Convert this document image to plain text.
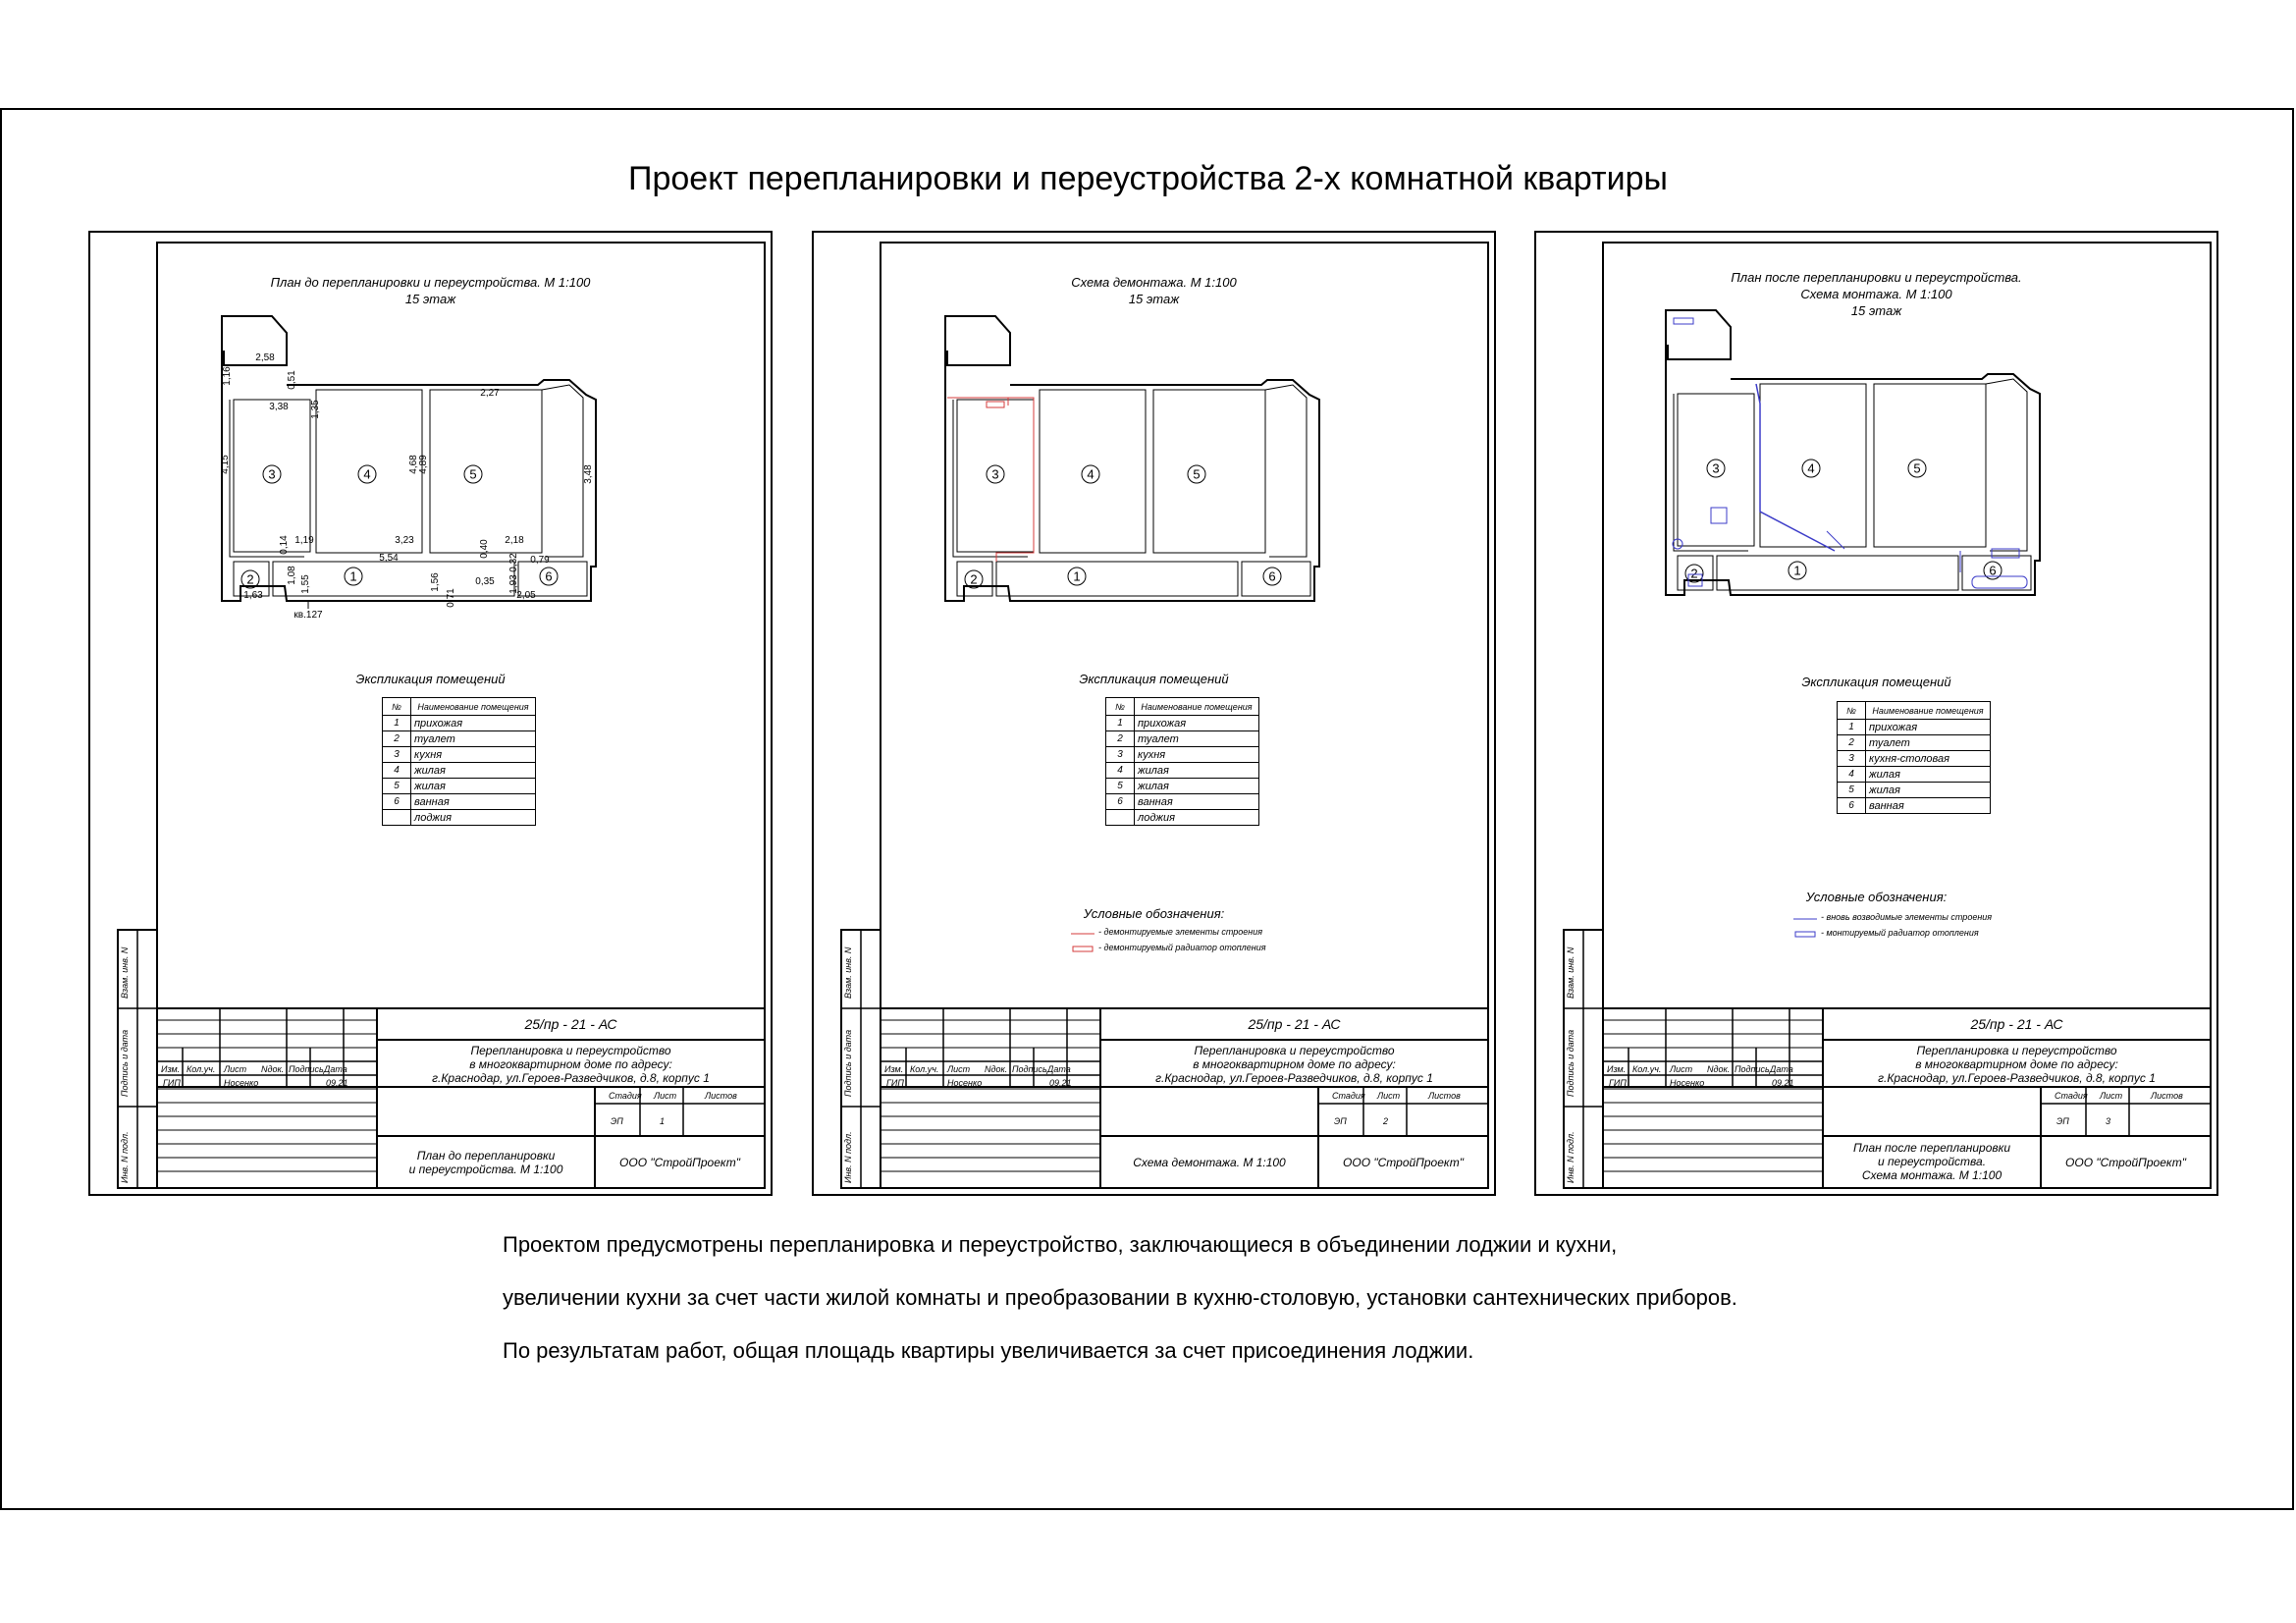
Проект перепланировки и переустройства 2-х комнатной квартиры
1
2
3	4	5
6
2,58
1,16	0,51
1,35
2,27
3,38
4,15	4,68 4,89
3,48
0,14 1,19	3,23
5,54	0,40 2,18
0,32 0,79
1,08 1,55	1,56
0,71
0,35 1,93
1,63	2,05
кв.127
Взам. инв. N
Подпись и дата
Инв. N подл.
Изм. Кол.уч. Лист Nдок. Подпись Дата
ГИП	Носенко	09.21
25/пр - 21 - АС
Перепланировка и переустройство
в многоквартирном доме по адресу:
г.Краснодар, ул.Героев-Разведчиков, д.8, корпус 1
Стадия Лист	Листов
ЭП	1
План до перепланировки
и переустройства. М 1:100	ООО "СтройПроект"
План до перепланировки и переустройства. М 1:100
15 этаж
Экспликация помещений
№	Наименование помещения
1	прихожая
2	туалет
3	кухня
4	жилая
5	жилая
6	ванная
	лоджия
1
2
3	4	5
6
Взам. инв. N
Подпись и дата
Инв. N подл.
Изм. Кол.уч. Лист Nдок. Подпись Дата
ГИП	Носенко	09.21
25/пр - 21 - АС
Перепланировка и переустройство
в многоквартирном доме по адресу:
г.Краснодар, ул.Героев-Разведчиков, д.8, корпус 1
Стадия Лист	Листов
ЭП	2
Схема демонтажа. М 1:100	ООО "СтройПроект"
Схема демонтажа. М 1:100
15 этаж
Экспликация помещений
№	Наименование помещения
1	прихожая
2	туалет
3	кухня
4	жилая
5	жилая
6	ванная
	лоджия
Условные обозначения:
- демонтируемые элементы строения
- демонтируемый радиатор отопления
1
2
3	4	5
6
Взам. инв. N
Подпись и дата
Инв. N подл.
Изм. Кол.уч. Лист Nдок. Подпись Дата
ГИП	Носенко	09.21
25/пр - 21 - АС
Перепланировка и переустройство
в многоквартирном доме по адресу:
г.Краснодар, ул.Героев-Разведчиков, д.8, корпус 1
Стадия Лист	Листов
ЭП	3
План после перепланировки
и переустройства.
Схема монтажа. М 1:100
ООО "СтройПроект"
План после перепланировки и переустройства.
Схема монтажа. М 1:100
15 этаж
Экспликация помещений
№	Наименование помещения
1	прихожая
2	туалет
3	кухня-столовая
4	жилая
5	жилая
6	ванная
Условные обозначения:
- вновь возводимые элементы строения
- монтируемый радиатор отопления
Проектом предусмотрены перепланировка и переустройство, заключающиеся в объединении лоджии и кухни,
увеличении кухни за счет части жилой комнаты и преобразовании в кухню-столовую, установки сантехнических приборов.
По результатам работ, общая площадь квартиры увеличивается за счет присоединения лоджии.
